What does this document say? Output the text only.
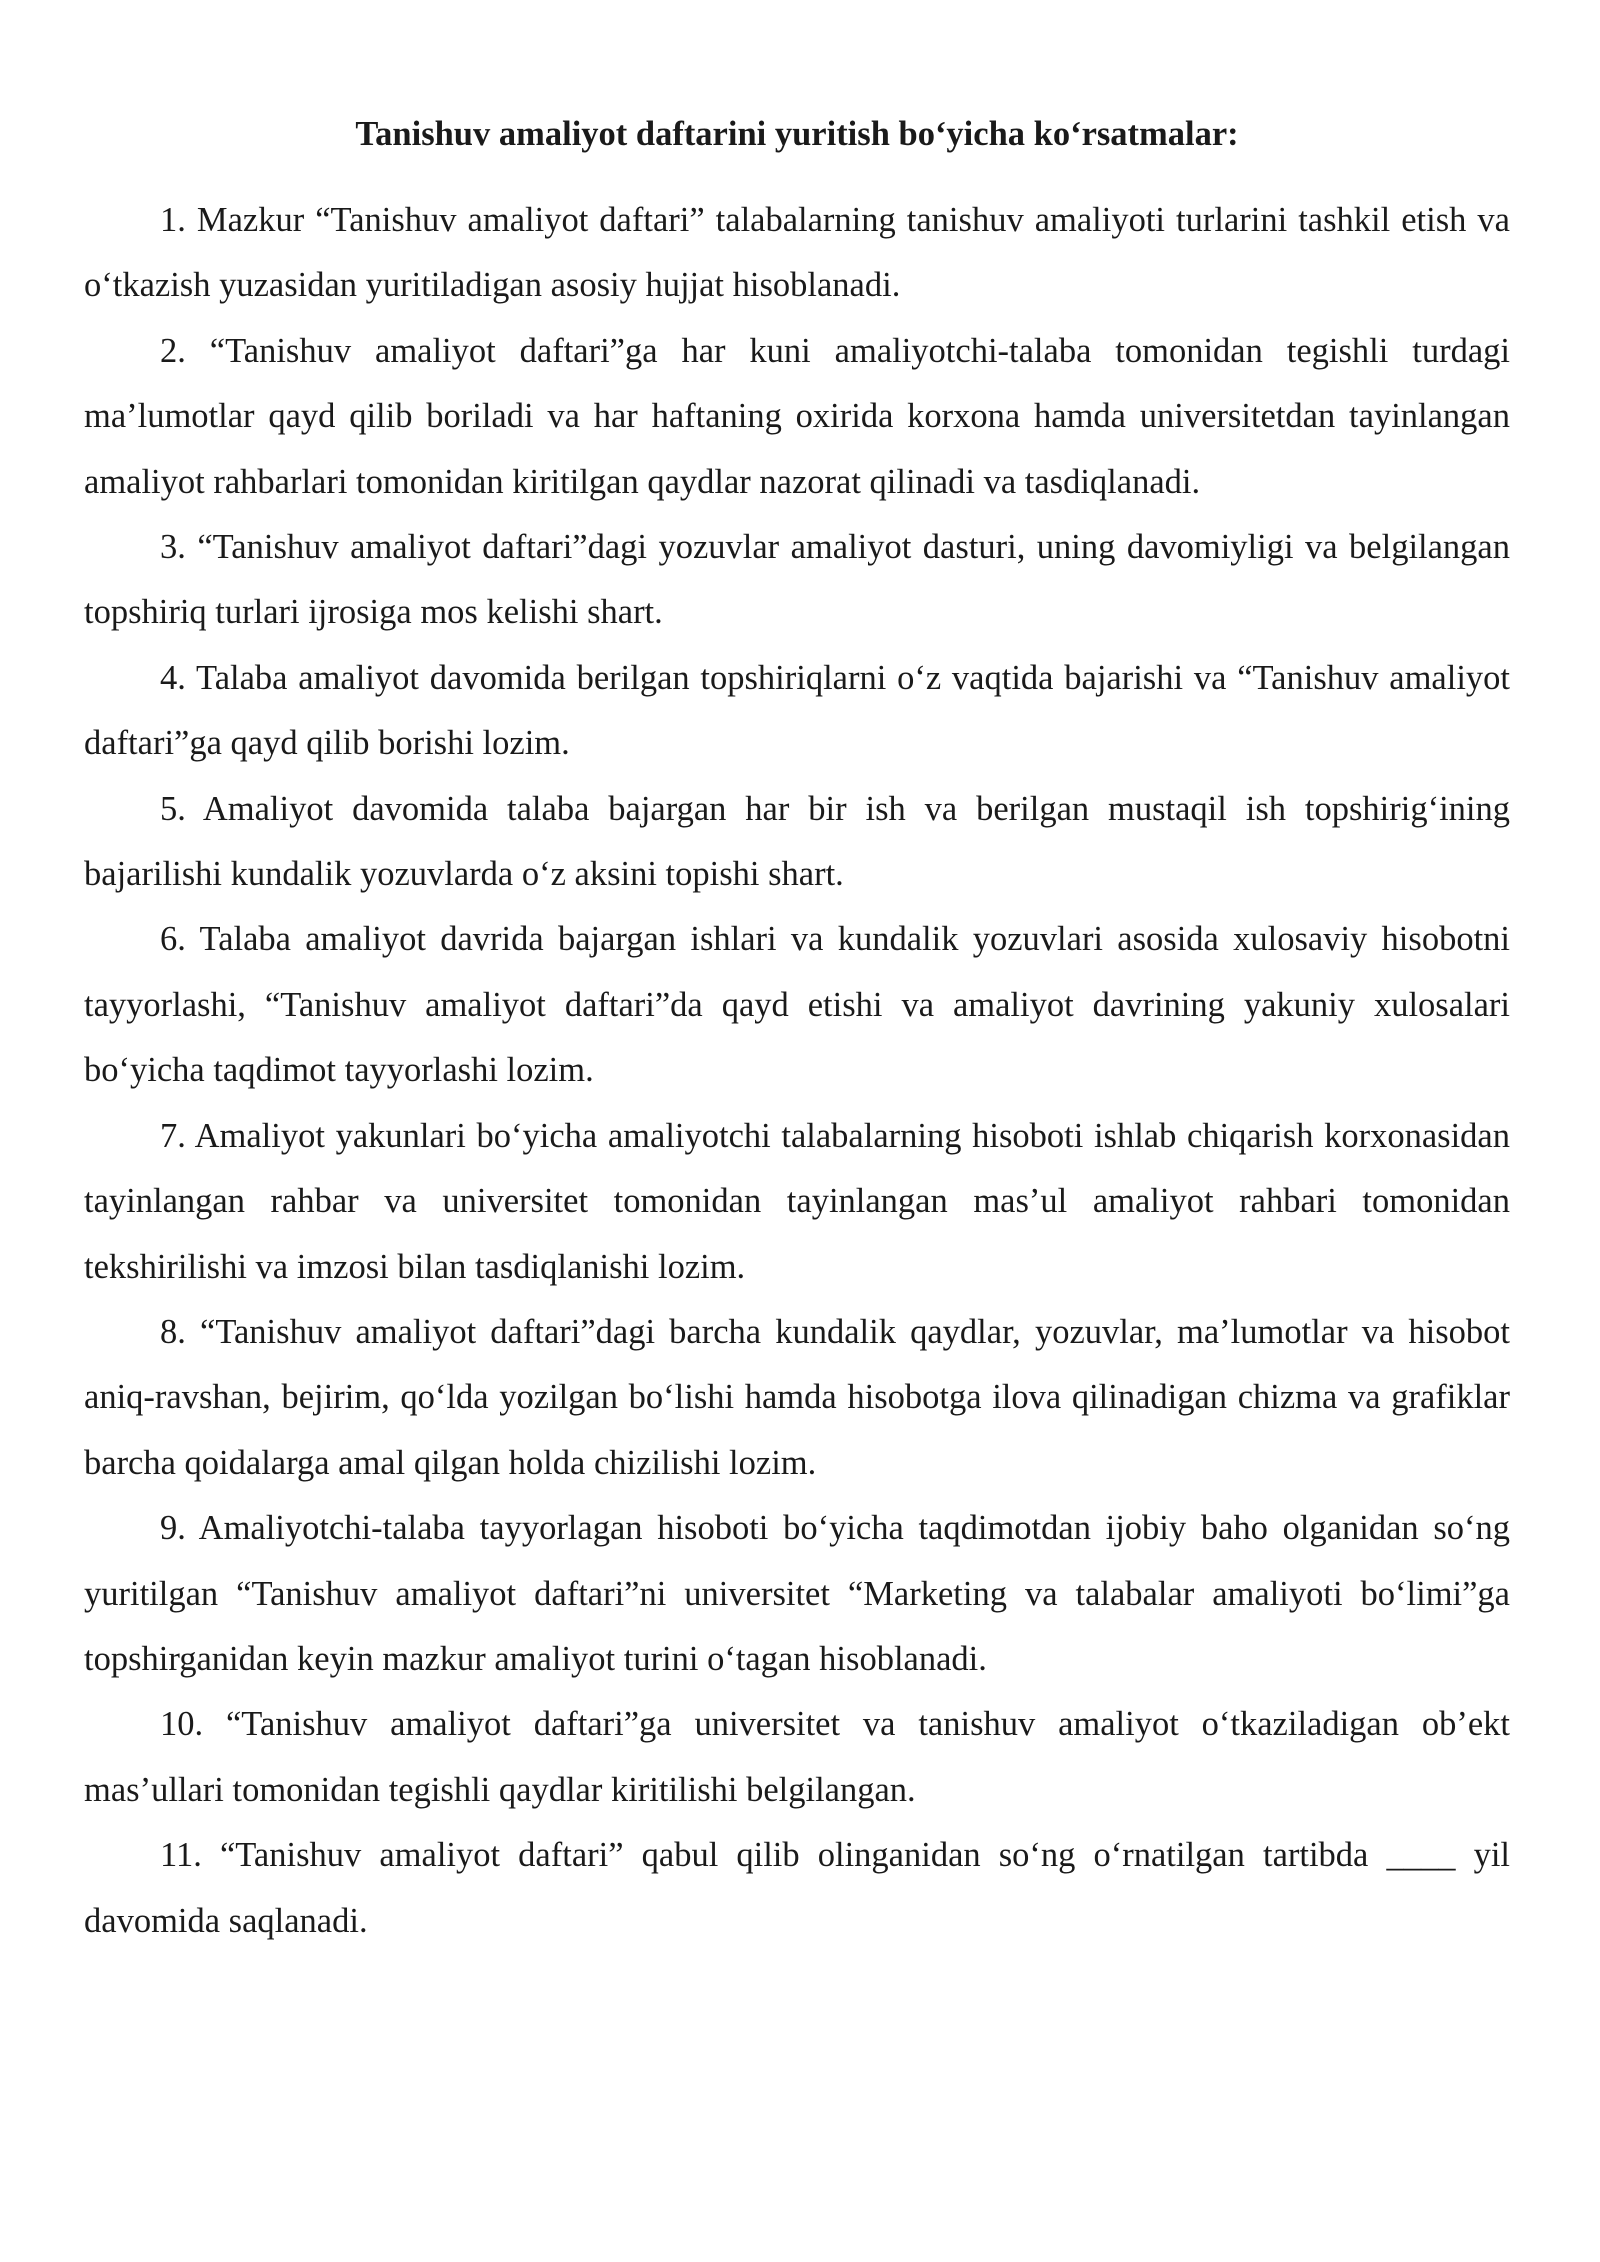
Tanishuv amaliyot daftarini yuritish bo‘yicha ko‘rsatmalar:

1. Mazkur “Tanishuv amaliyot daftari” talabalarning tanishuv amaliyoti turlarini tashkil etish va o‘tkazish yuzasidan yuritiladigan asosiy hujjat hisoblanadi.

2. “Tanishuv amaliyot daftari”ga har kuni amaliyotchi-talaba tomonidan tegishli turdagi ma’lumotlar qayd qilib boriladi va har haftaning oxirida korxona hamda universitetdan tayinlangan amaliyot rahbarlari tomonidan kiritilgan qaydlar nazorat qilinadi va tasdiqlanadi.

3. “Tanishuv amaliyot daftari”dagi yozuvlar amaliyot dasturi, uning davomiyligi va belgilangan topshiriq turlari ijrosiga mos kelishi shart.

4. Talaba amaliyot davomida berilgan topshiriqlarni o‘z vaqtida bajarishi va “Tanishuv amaliyot daftari”ga qayd qilib borishi lozim.

5. Amaliyot davomida talaba bajargan har bir ish va berilgan mustaqil ish topshirig‘ining bajarilishi kundalik yozuvlarda o‘z aksini topishi shart.

6. Talaba amaliyot davrida bajargan ishlari va kundalik yozuvlari asosida xulosaviy hisobotni tayyorlashi, “Tanishuv amaliyot daftari”da qayd etishi va amaliyot davrining yakuniy xulosalari bo‘yicha taqdimot tayyorlashi lozim.

7. Amaliyot yakunlari bo‘yicha amaliyotchi talabalarning hisoboti ishlab chiqarish korxonasidan tayinlangan rahbar va universitet tomonidan tayinlangan mas’ul amaliyot rahbari tomonidan tekshirilishi va imzosi bilan tasdiqlanishi lozim.

8. “Tanishuv amaliyot daftari”dagi barcha kundalik qaydlar, yozuvlar, ma’lumotlar va hisobot aniq-ravshan, bejirim, qo‘lda yozilgan bo‘lishi hamda hisobotga ilova qilinadigan chizma va grafiklar barcha qoidalarga amal qilgan holda chizilishi lozim.

9. Amaliyotchi-talaba tayyorlagan hisoboti bo‘yicha taqdimotdan ijobiy baho olganidan so‘ng yuritilgan “Tanishuv amaliyot daftari”ni universitet “Marketing va talabalar amaliyoti bo‘limi”ga topshirganidan keyin mazkur amaliyot turini o‘tagan hisoblanadi.

10. “Tanishuv amaliyot daftari”ga universitet va tanishuv amaliyot o‘tkaziladigan ob’ekt mas’ullari tomonidan tegishli qaydlar kiritilishi belgilangan.

11. “Tanishuv amaliyot daftari” qabul qilib olinganidan so‘ng o‘rnatilgan tartibda ____ yil davomida saqlanadi.
